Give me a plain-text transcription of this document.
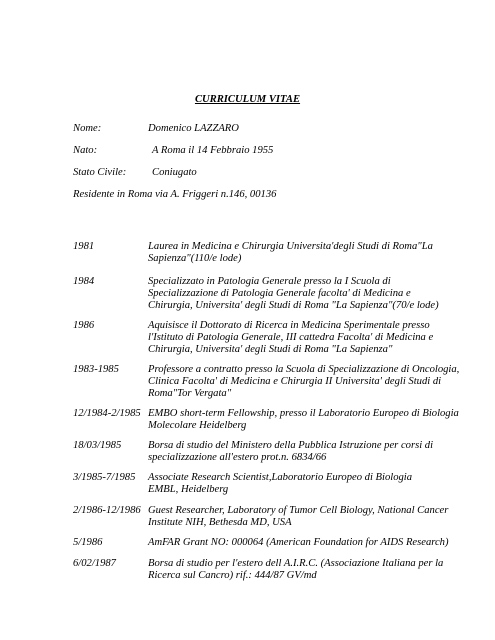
CURRICULUM VITAE
Nome:	Domenico LAZZARO
Nato:	A Roma il 14 Febbraio 1955
Stato Civile: Coniugato
Residente in Roma via A. Friggeri n.146, 00136
1981	Laurea in Medicina e Chirurgia Universita'degli Studi di Roma"La
Sapienza"(110/e lode)
1984	Specializzato in Patologia Generale presso la I Scuola di
Specializzazione di Patologia Generale facolta' di Medicina e
Chirurgia, Universita' degli Studi di Roma "La Sapienza"(70/e lode)
1986	Aquisisce il Dottorato di Ricerca in Medicina Sperimentale presso
l'Istituto di Patologia Generale, III cattedra Facolta' di Medicina e
Chirurgia, Universita' degli Studi di Roma "La Sapienza"
1983-1985	Professore a contratto presso la Scuola di Specializzazione di Oncologia,
Clinica Facolta' di Medicina e Chirurgia II Universita' degli Studi di
Roma"Tor Vergata"
12/1984-2/1985 EMBO short-term Fellowship, presso il Laboratorio Europeo di Biologia
Molecolare Heidelberg
18/03/1985	Borsa di studio del Ministero della Pubblica Istruzione per corsi di
specializzazione all'estero prot.n. 6834/66
3/1985-7/1985 Associate Research Scientist,Laboratorio Europeo di Biologia
EMBL, Heidelberg
2/1986-12/1986 Guest Researcher, Laboratory of Tumor Cell Biology, National Cancer
Institute NIH, Bethesda MD, USA
5/1986	AmFAR Grant NO: 000064 (American Foundation for AIDS Research)
6/02/1987	Borsa di studio per l'estero dell A.I.R.C. (Associazione Italiana per la
Ricerca sul Cancro) rif.: 444/87 GV/md
